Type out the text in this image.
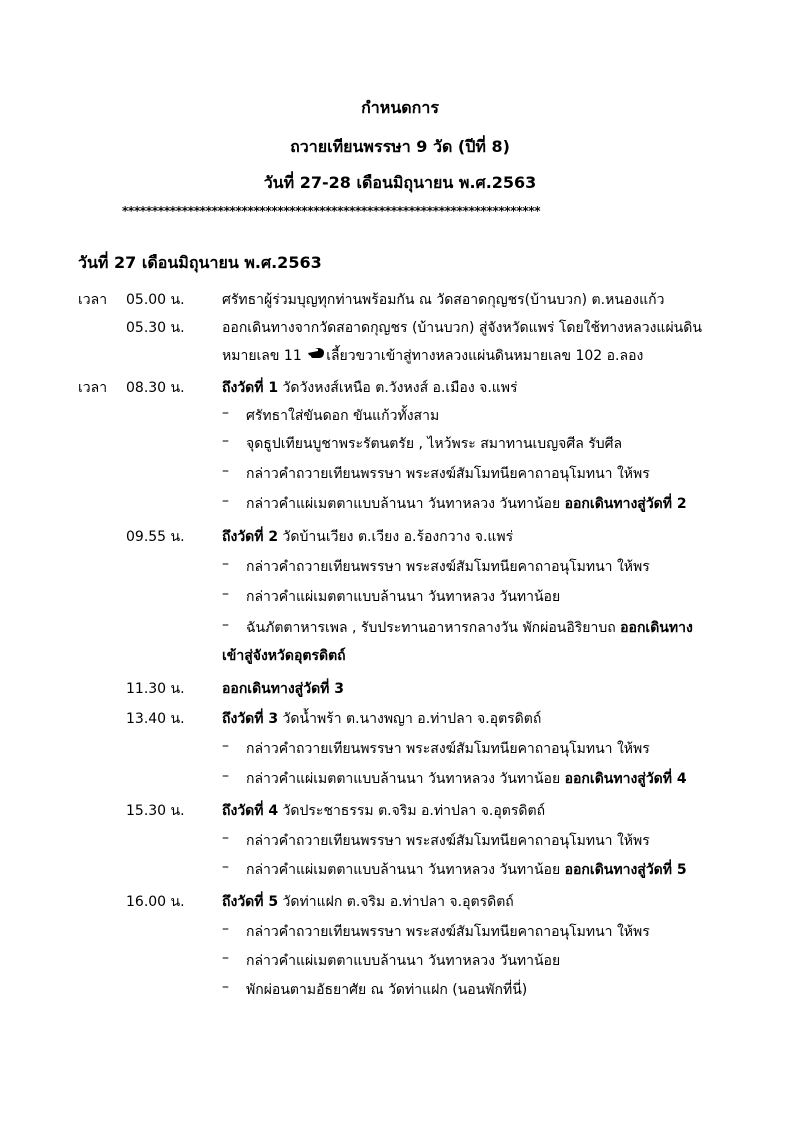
กำหนดการ
ถวายเทียนพรรษา 9 วัด (ปีที่ 8)
วันที่ 27-28 เดือนมิถุนายน พ.ศ.2563
**********************************************************************
วันที่ 27 เดือนมิถุนายน พ.ศ.2563
เวลา 05.00 น.	ศรัทธาผู้ร่วมบุญทุกท่านพร้อมกัน ณ วัดสอาดกุญชร(บ้านบวก) ต.หนองแก้ว
05.30 น.	ออกเดินทางจากวัดสอาดกุญชร (บ้านบวก) สู่จังหวัดแพร่ โดยใช้ทางหลวงแผ่นดิน
หมายเลข 11 เลี้ยวขวาเข้าสู่ทางหลวงแผ่นดินหมายเลข 102 อ.ลอง
เวลา 08.30 น.	ถึงวัดที่ 1 วัดวังหงส์เหนือ ต.วังหงส์ อ.เมือง จ.แพร่
– ศรัทธาใส่ขันดอก ขันแก้วทั้งสาม
– จุดธูปเทียนบูชาพระรัตนตรัย , ไหว้พระ สมาทานเบญจศีล รับศีล
– กล่าวคำถวายเทียนพรรษา พระสงฆ์สัมโมทนียคาถาอนุโมทนา ให้พร
– กล่าวคำแผ่เมตตาแบบล้านนา วันทาหลวง วันทาน้อย ออกเดินทางสู่วัดที่ 2
09.55 น.	ถึงวัดที่ 2 วัดบ้านเวียง ต.เวียง อ.ร้องกวาง จ.แพร่
– กล่าวคำถวายเทียนพรรษา พระสงฆ์สัมโมทนียคาถาอนุโมทนา ให้พร
– กล่าวคำแผ่เมตตาแบบล้านนา วันทาหลวง วันทาน้อย
– ฉันภัตตาหารเพล , รับประทานอาหารกลางวัน พักผ่อนอิริยาบถ ออกเดินทาง
เข้าสู่จังหวัดอุตรดิตถ์
11.30 น.	ออกเดินทางสู่วัดที่ 3
13.40 น.	ถึงวัดที่ 3 วัดน้ำพร้า ต.นางพญา อ.ท่าปลา จ.อุตรดิตถ์
– กล่าวคำถวายเทียนพรรษา พระสงฆ์สัมโมทนียคาถาอนุโมทนา ให้พร
– กล่าวคำแผ่เมตตาแบบล้านนา วันทาหลวง วันทาน้อย ออกเดินทางสู่วัดที่ 4
15.30 น.	ถึงวัดที่ 4 วัดประชาธรรม ต.จริม อ.ท่าปลา จ.อุตรดิตถ์
– กล่าวคำถวายเทียนพรรษา พระสงฆ์สัมโมทนียคาถาอนุโมทนา ให้พร
– กล่าวคำแผ่เมตตาแบบล้านนา วันทาหลวง วันทาน้อย ออกเดินทางสู่วัดที่ 5
16.00 น.	ถึงวัดที่ 5 วัดท่าแฝก ต.จริม อ.ท่าปลา จ.อุตรดิตถ์
– กล่าวคำถวายเทียนพรรษา พระสงฆ์สัมโมทนียคาถาอนุโมทนา ให้พร
– กล่าวคำแผ่เมตตาแบบล้านนา วันทาหลวง วันทาน้อย
– พักผ่อนตามอัธยาศัย ณ วัดท่าแฝก (นอนพักที่นี่)
